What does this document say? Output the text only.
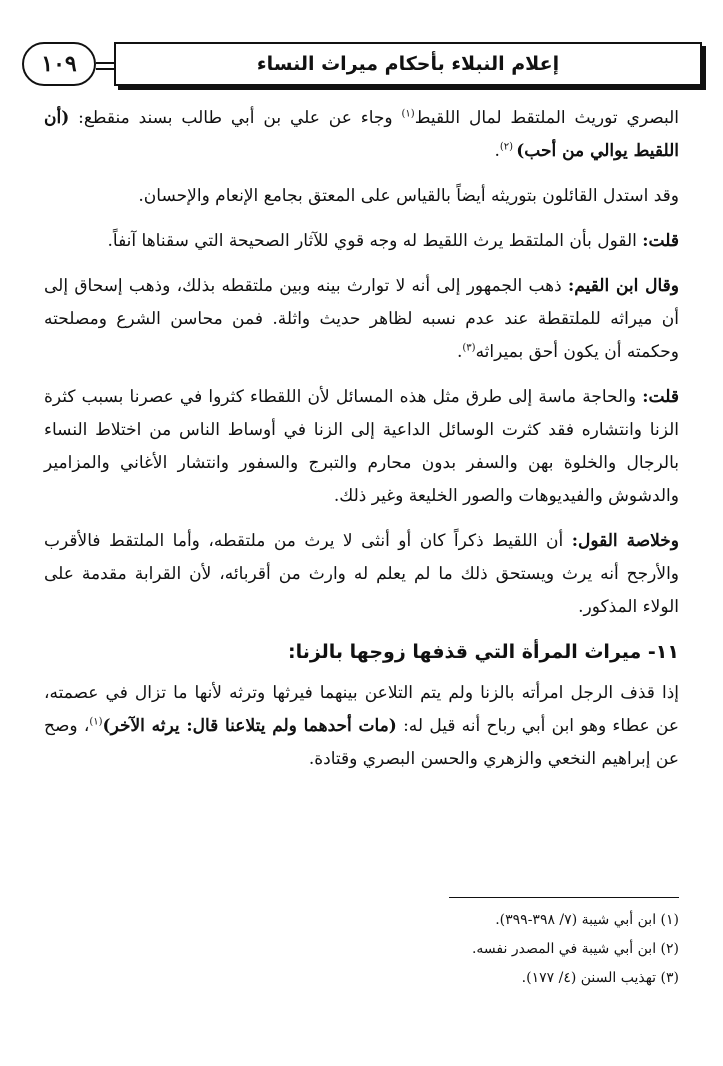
١٠٩	إعلام النبلاء بأحكام ميراث النساء

البصري توريث الملتقط لمال اللقيط$^{(١)}$ وجاء عن علي بن أبي طالب بسند منقطع: (أن اللقيط يوالي من أحب) $^{(٢)}$.

وقد استدل القائلون بتوريثه أيضاً بالقياس على المعتق بجامع الإنعام والإحسان.

قلت: القول بأن الملتقط يرث اللقيط له وجه قوي للآثار الصحيحة التي سقناها آنفاً.

وقال ابن القيم: ذهب الجمهور إلى أنه لا توارث بينه وبين ملتقطه بذلك، وذهب إسحاق إلى أن ميراثه للملتقطة عند عدم نسبه لظاهر حديث واثلة. فمن محاسن الشرع ومصلحته وحكمته أن يكون أحق بميراثه$^{(٣)}$.

قلت: والحاجة ماسة إلى طرق مثل هذه المسائل لأن اللقطاء كثروا في عصرنا بسبب كثرة الزنا وانتشاره فقد كثرت الوسائل الداعية إلى الزنا في أوساط الناس من اختلاط النساء بالرجال والخلوة بهن والسفر بدون محارم والتبرج والسفور وانتشار الأغاني والمزامير والدشوش والفيديوهات والصور الخليعة وغير ذلك.

وخلاصة القول: أن اللقيط ذكراً كان أو أنثى لا يرث من ملتقطه، وأما الملتقط فالأقرب والأرجح أنه يرث ويستحق ذلك ما لم يعلم له وارث من أقربائه، لأن القرابة مقدمة على الولاء المذكور.

١١- ميراث المرأة التي قذفها زوجها بالزنا:

إذا قذف الرجل امرأته بالزنا ولم يتم التلاعن بينهما فيرثها وترثه لأنها ما تزال في عصمته، عن عطاء وهو ابن أبي رباح أنه قيل له: (مات أحدهما ولم يتلاعنا قال: يرثه الآخر)$^{(١)}$، وصح عن إبراهيم النخعي والزهري والحسن البصري وقتادة.

(١) ابن أبي شيبة (٧/ ٣٩٨-٣٩٩).

(٢) ابن أبي شيبة في المصدر نفسه.

(٣) تهذيب السنن (٤/ ١٧٧).
